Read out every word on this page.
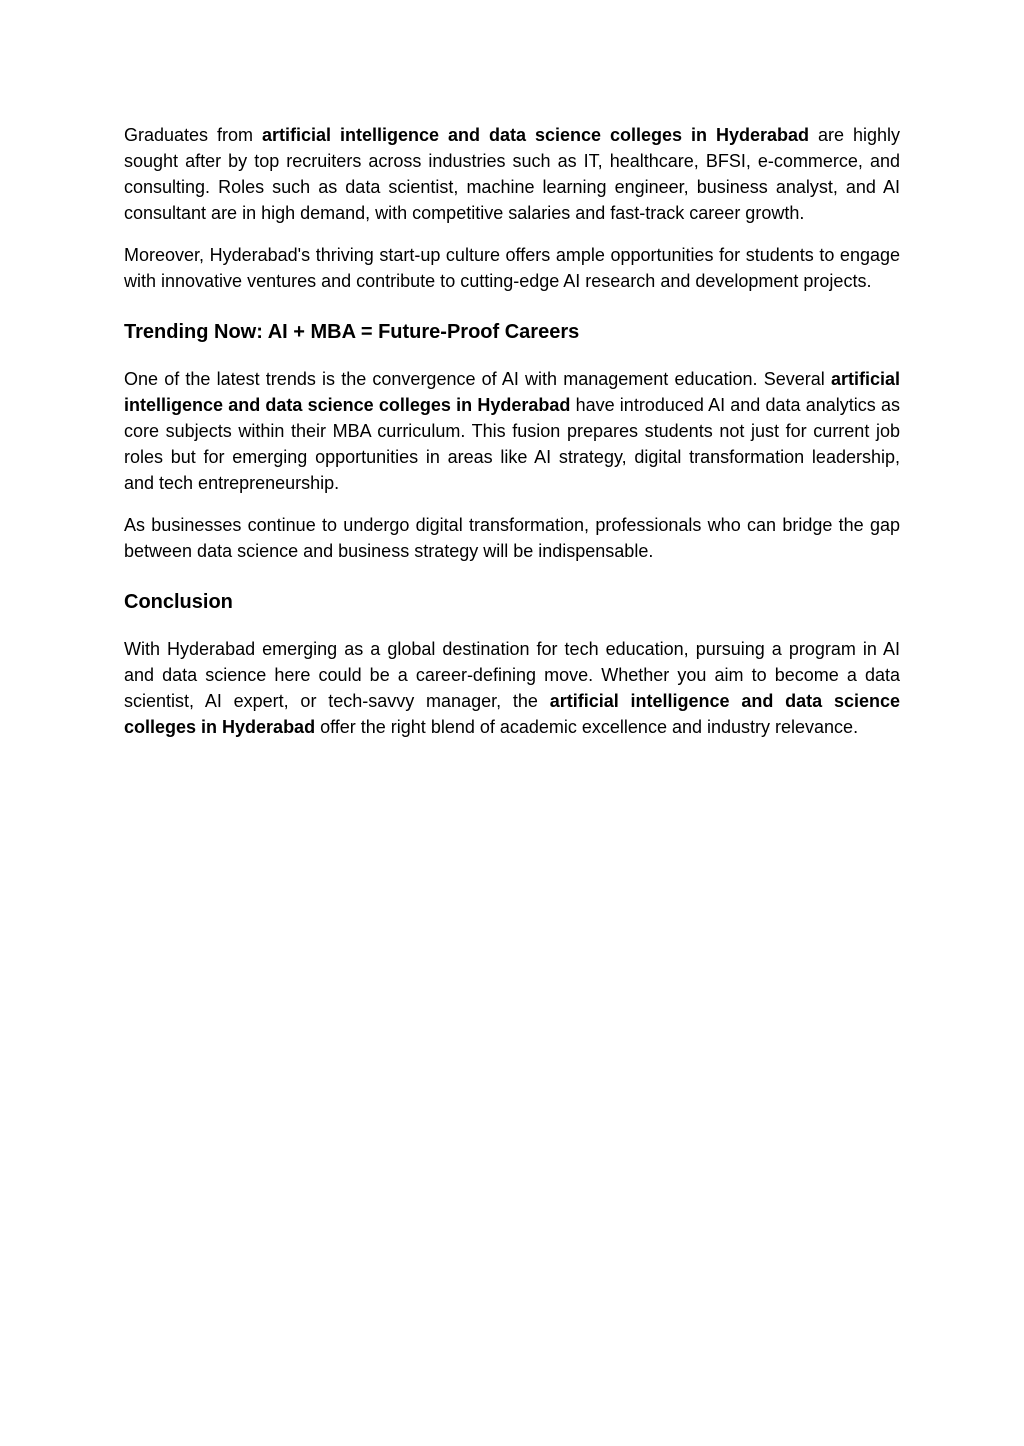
Graduates from artificial intelligence and data science colleges in Hyderabad are highly sought after by top recruiters across industries such as IT, healthcare, BFSI, e-commerce, and consulting. Roles such as data scientist, machine learning engineer, business analyst, and AI consultant are in high demand, with competitive salaries and fast-track career growth.

Moreover, Hyderabad's thriving start-up culture offers ample opportunities for students to engage with innovative ventures and contribute to cutting-edge AI research and development projects.

Trending Now: AI + MBA = Future-Proof Careers

One of the latest trends is the convergence of AI with management education. Several artificial intelligence and data science colleges in Hyderabad have introduced AI and data analytics as core subjects within their MBA curriculum. This fusion prepares students not just for current job roles but for emerging opportunities in areas like AI strategy, digital transformation leadership, and tech entrepreneurship.

As businesses continue to undergo digital transformation, professionals who can bridge the gap between data science and business strategy will be indispensable.

Conclusion

With Hyderabad emerging as a global destination for tech education, pursuing a program in AI and data science here could be a career-defining move. Whether you aim to become a data scientist, AI expert, or tech-savvy manager, the artificial intelligence and data science colleges in Hyderabad offer the right blend of academic excellence and industry relevance.
